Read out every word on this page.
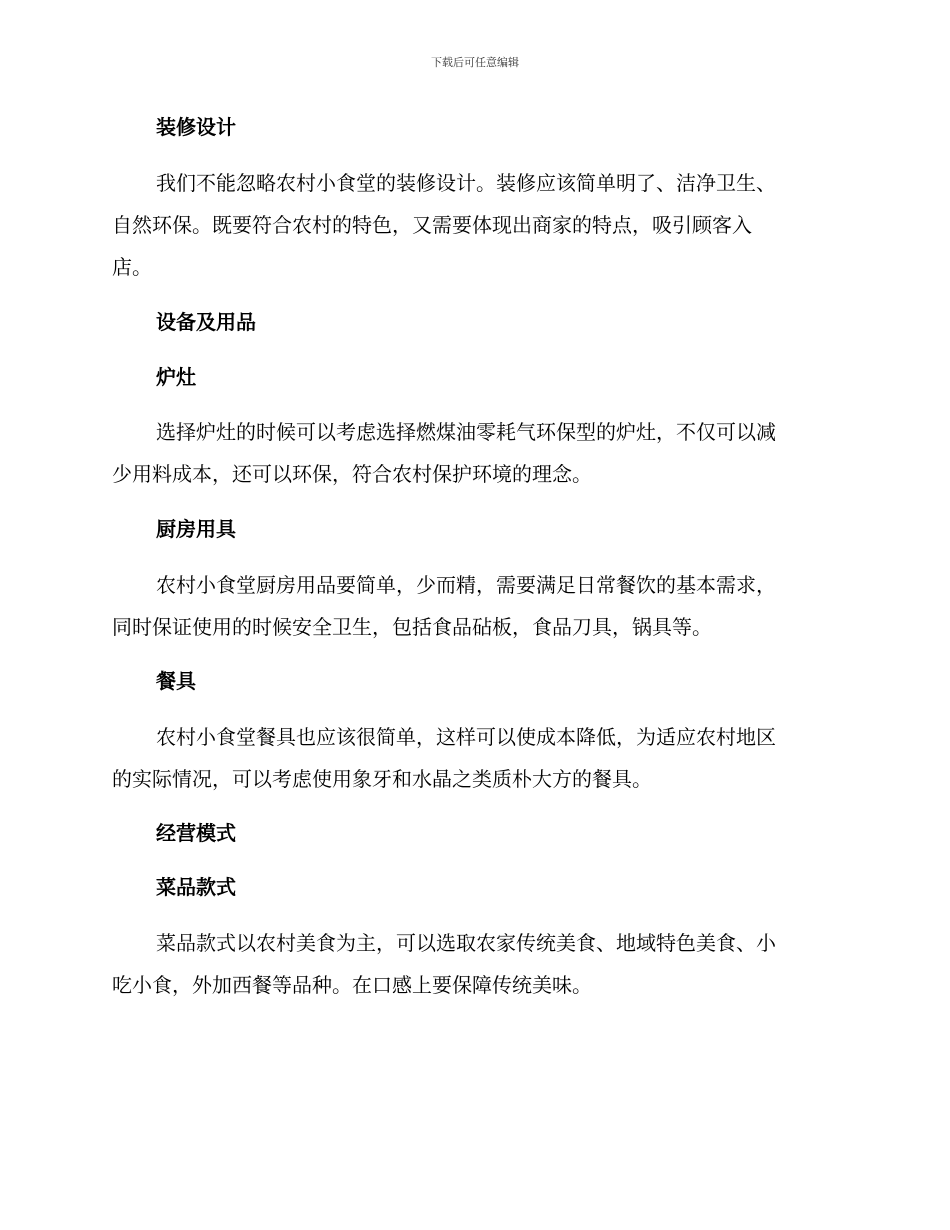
下载后可任意编辑
装修设计
我们不能忽略农村小食堂的装修设计。装修应该简单明了、洁净卫生、
自然环保。既要符合农村的特色，又需要体现出商家的特点，吸引顾客入
店。
设备及用品
炉灶
选择炉灶的时候可以考虑选择燃煤油零耗气环保型的炉灶，不仅可以减
少用料成本，还可以环保，符合农村保护环境的理念。
厨房用具
农村小食堂厨房用品要简单，少而精，需要满足日常餐饮的基本需求，
同时保证使用的时候安全卫生，包括食品砧板，食品刀具，锅具等。
餐具
农村小食堂餐具也应该很简单，这样可以使成本降低，为适应农村地区
的实际情况，可以考虑使用象牙和水晶之类质朴大方的餐具。
经营模式
菜品款式
菜品款式以农村美食为主，可以选取农家传统美食、地域特色美食、小
吃小食，外加西餐等品种。在口感上要保障传统美味。
